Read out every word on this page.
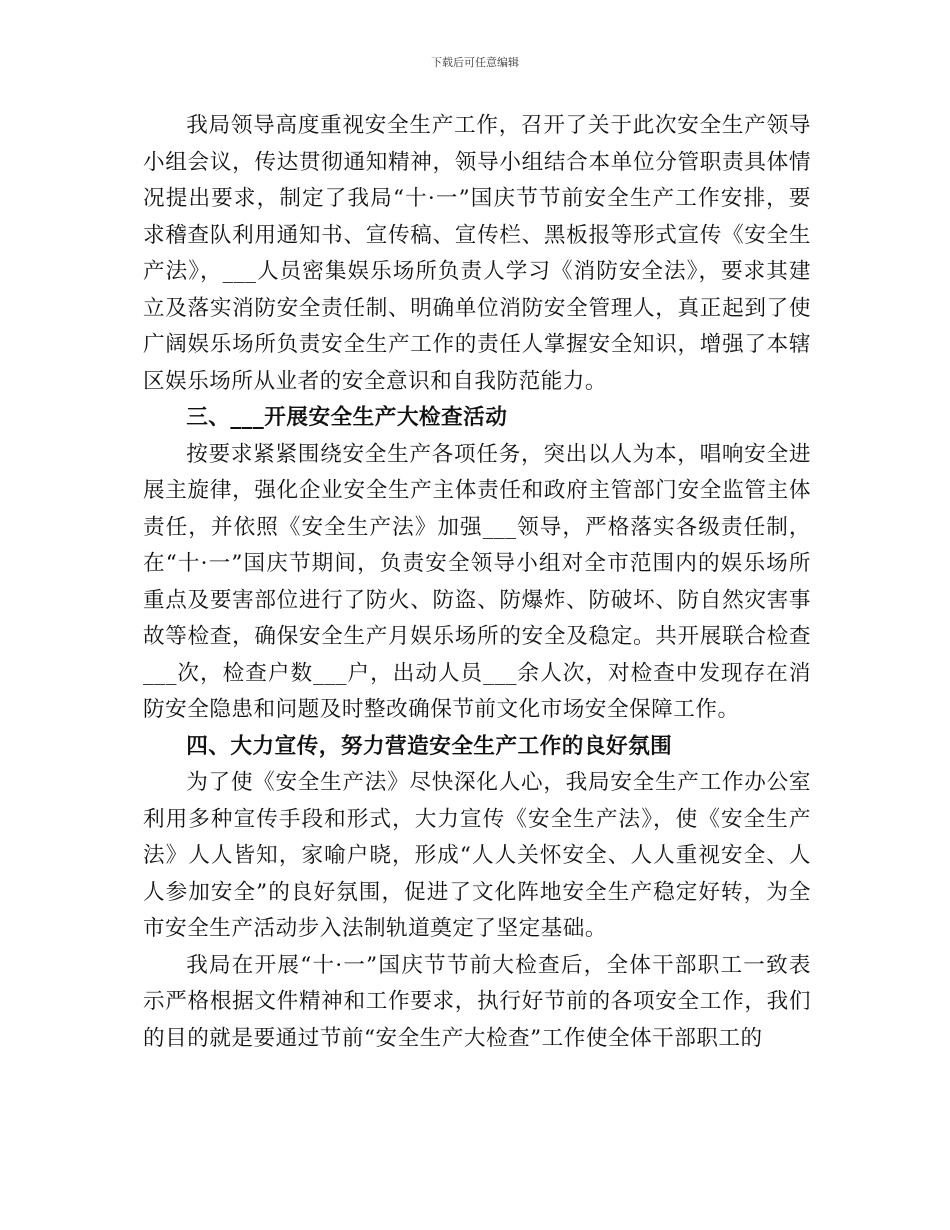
下载后可任意编辑

我局领导高度重视安全生产工作，召开了关于此次安全生产领导小组会议，传达贯彻通知精神，领导小组结合本单位分管职责具体情况提出要求，制定了我局“十·一”国庆节节前安全生产工作安排，要求稽查队利用通知书、宣传稿、宣传栏、黑板报等形式宣传《安全生产法》，___人员密集娱乐场所负责人学习《消防安全法》，要求其建立及落实消防安全责任制、明确单位消防安全管理人，真正起到了使广阔娱乐场所负责安全生产工作的责任人掌握安全知识，增强了本辖区娱乐场所从业者的安全意识和自我防范能力。

三、___开展安全生产大检查活动

按要求紧紧围绕安全生产各项任务，突出以人为本，唱响安全进展主旋律，强化企业安全生产主体责任和政府主管部门安全监管主体责任，并依照《安全生产法》加强___领导，严格落实各级责任制，在“十·一”国庆节期间，负责安全领导小组对全市范围内的娱乐场所重点及要害部位进行了防火、防盗、防爆炸、防破坏、防自然灾害事故等检查，确保安全生产月娱乐场所的安全及稳定。共开展联合检查___次，检查户数___户，出动人员___余人次，对检查中发现存在消防安全隐患和问题及时整改确保节前文化市场安全保障工作。

四、大力宣传，努力营造安全生产工作的良好氛围

为了使《安全生产法》尽快深化人心，我局安全生产工作办公室利用多种宣传手段和形式，大力宣传《安全生产法》，使《安全生产法》人人皆知，家喻户晓，形成“人人关怀安全、人人重视安全、人人参加安全”的良好氛围，促进了文化阵地安全生产稳定好转，为全市安全生产活动步入法制轨道奠定了坚定基础。

我局在开展“十·一”国庆节节前大检查后，全体干部职工一致表示严格根据文件精神和工作要求，执行好节前的各项安全工作，我们的目的就是要通过节前“安全生产大检查”工作使全体干部职工的
